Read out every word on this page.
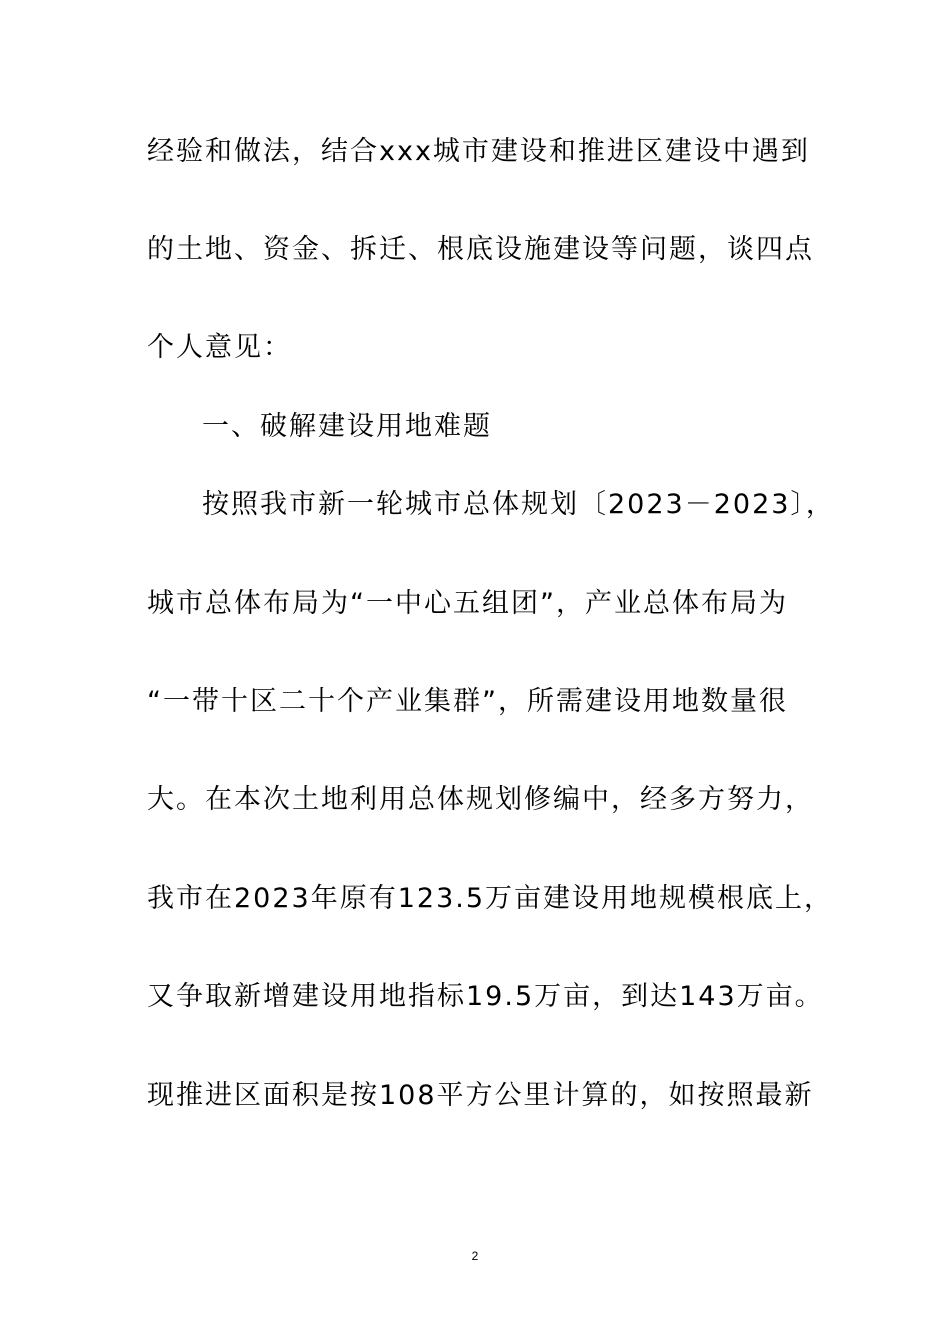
经验和做法，结合xxx城市建设和推进区建设中遇到
的土地、资金、拆迁、根底设施建设等问题，谈四点
个人意见：
一、破解建设用地难题
按照我市新一轮城市总体规划〔2023－2023〕，
城市总体布局为“一中心五组团”，产业总体布局为
“一带十区二十个产业集群”，所需建设用地数量很
大。在本次土地利用总体规划修编中，经多方努力，
我市在2023年原有123.5万亩建设用地规模根底上，
又争取新增建设用地指标19.5万亩，到达143万亩。
现推进区面积是按108平方公里计算的，如按照最新
2
